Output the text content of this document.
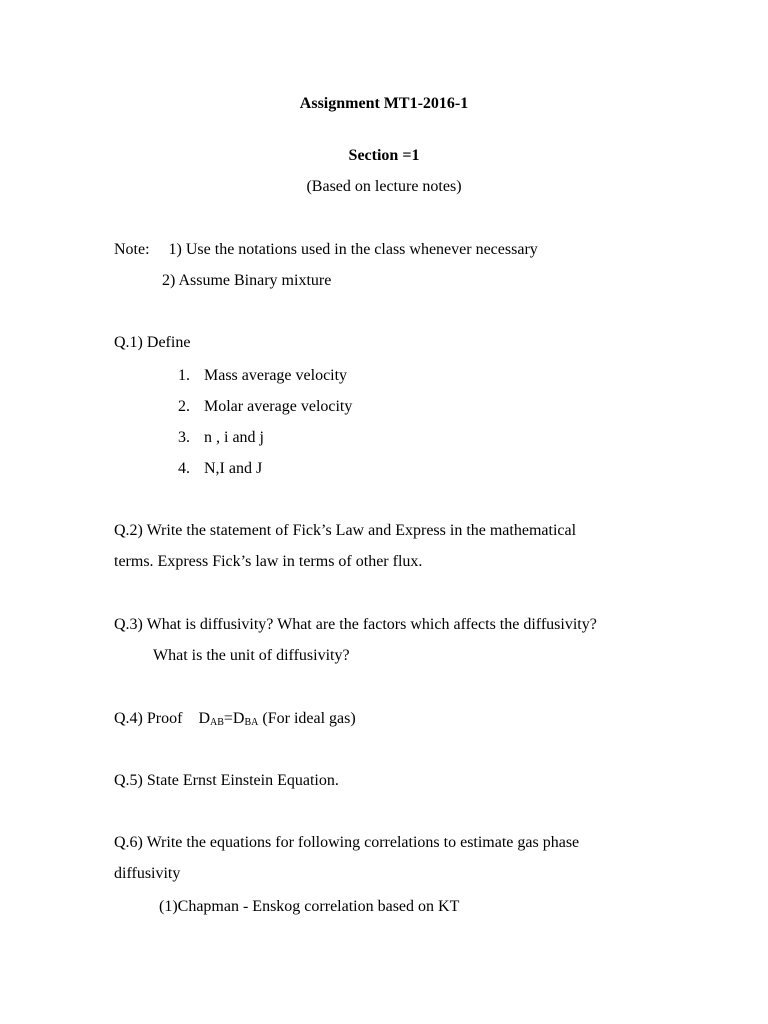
Assignment MT1-2016-1
Section =1
(Based on lecture notes)
Note: 1) Use the notations used in the class whenever necessary
2) Assume Binary mixture
Q.1) Define
1. Mass average velocity
2. Molar average velocity
3. n , i and j
4. N,I and J
Q.2) Write the statement of Fick’s Law and Express in the mathematical
terms. Express Fick’s law in terms of other flux.
Q.3) What is diffusivity? What are the factors which affects the diffusivity?
What is the unit of diffusivity?
Q.4) Proof $D_{AB}=D_{BA}$ (For ideal gas)
Q.5) State Ernst Einstein Equation.
Q.6) Write the equations for following correlations to estimate gas phase
diffusivity
(1)Chapman - Enskog correlation based on KT
